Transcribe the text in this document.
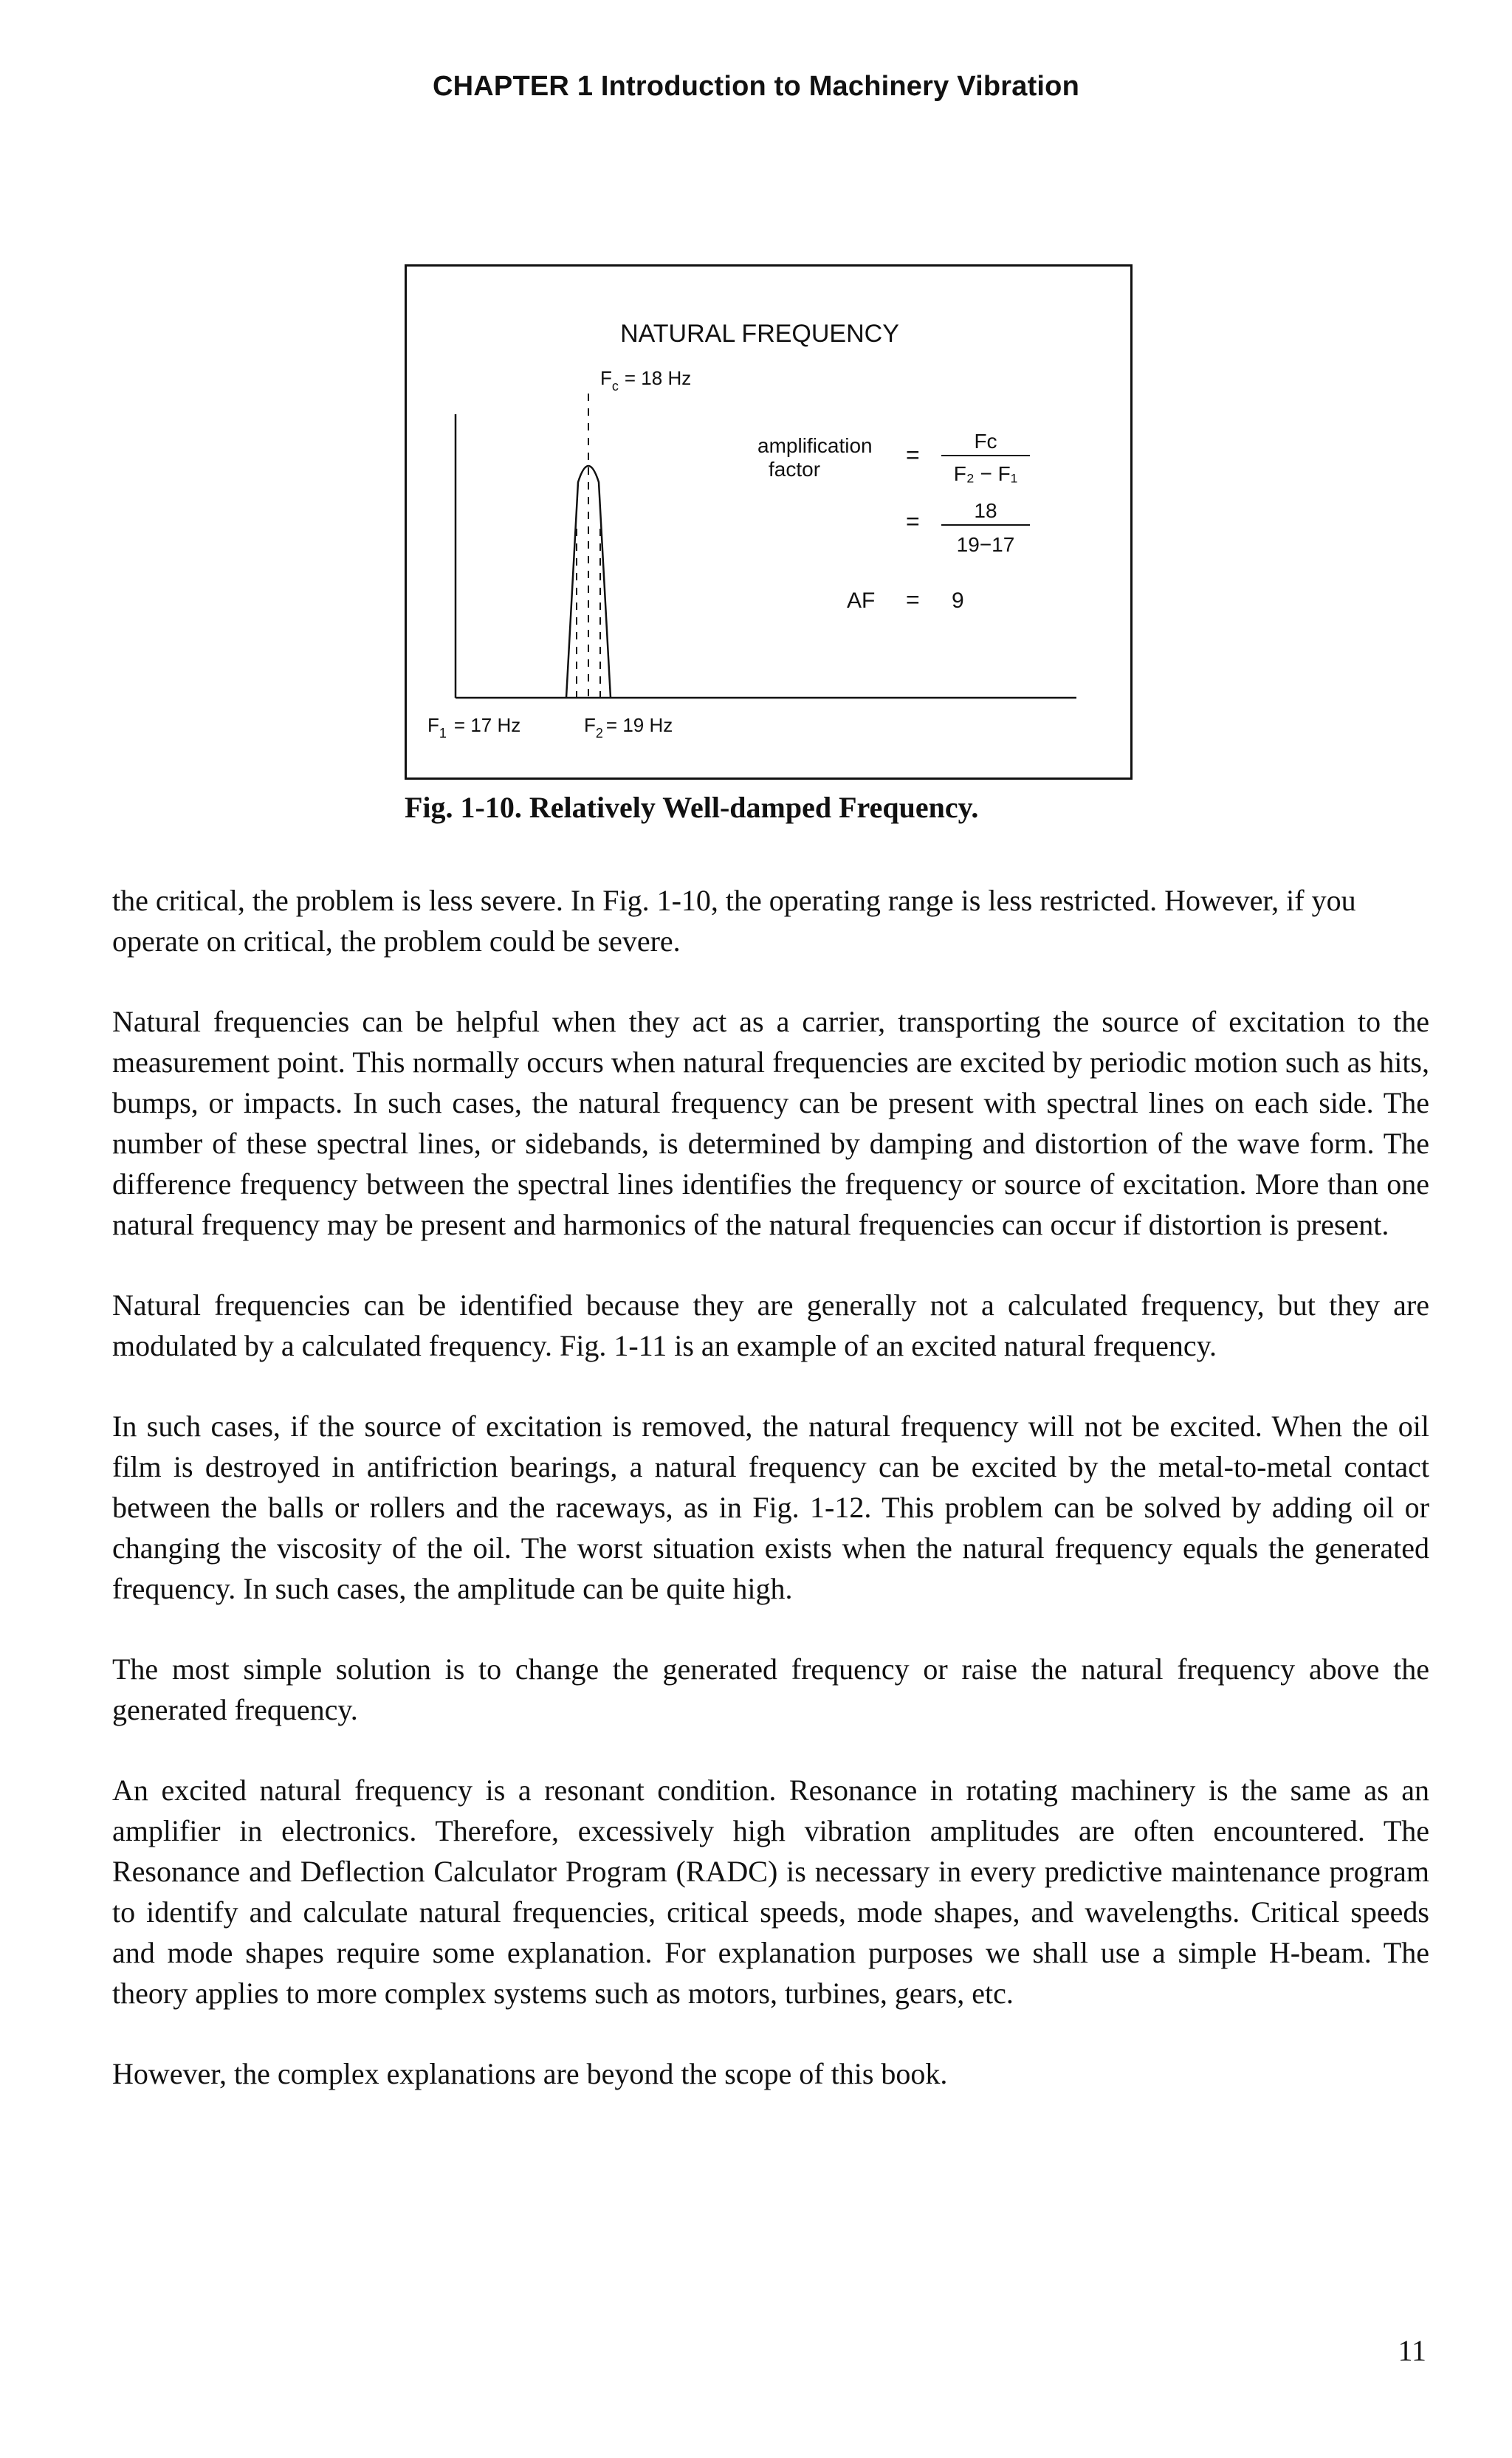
CHAPTER 1 Introduction to Machinery Vibration
NATURAL FREQUENCY
$F_c = 18$ Hz
amplification
factor
=
Fc
F₂ − F₁
=	18
19−17
AF = 9
$F_1 = 17$ Hz	$F_2 = 19$ Hz
Fig. 1-10. Relatively Well-damped Frequency.

the critical, the problem is less severe. In Fig. 1-10, the operating range is less restricted. However, if you operate on critical, the problem could be severe.

Natural frequencies can be helpful when they act as a carrier, transporting the source of excitation to the measurement point. This normally occurs when natural frequencies are excited by periodic motion such as hits, bumps, or impacts. In such cases, the natural frequency can be present with spectral lines on each side. The number of these spectral lines, or sidebands, is determined by damping and distortion of the wave form. The difference frequency between the spectral lines identifies the frequency or source of excitation. More than one natural frequency may be present and harmonics of the natural frequencies can occur if distortion is present.

Natural frequencies can be identified because they are generally not a calculated frequency, but they are modulated by a calculated frequency. Fig. 1-11 is an example of an excited natural frequency.

In such cases, if the source of excitation is removed, the natural frequency will not be excited. When the oil film is destroyed in antifriction bearings, a natural frequency can be excited by the metal-to-metal contact between the balls or rollers and the raceways, as in Fig. 1-12. This problem can be solved by adding oil or changing the viscosity of the oil. The worst situation exists when the natural frequency equals the generated frequency. In such cases, the amplitude can be quite high.

The most simple solution is to change the generated frequency or raise the natural frequency above the generated frequency.

An excited natural frequency is a resonant condition. Resonance in rotating machinery is the same as an amplifier in electronics. Therefore, excessively high vibration amplitudes are often encountered. The Resonance and Deflection Calculator Program (RADC) is necessary in every predictive maintenance program to identify and calculate natural frequencies, critical speeds, mode shapes, and wavelengths. Critical speeds and mode shapes require some explanation. For explanation purposes we shall use a simple H-beam. The theory applies to more complex systems such as motors, turbines, gears, etc.

However, the complex explanations are beyond the scope of this book.

11
